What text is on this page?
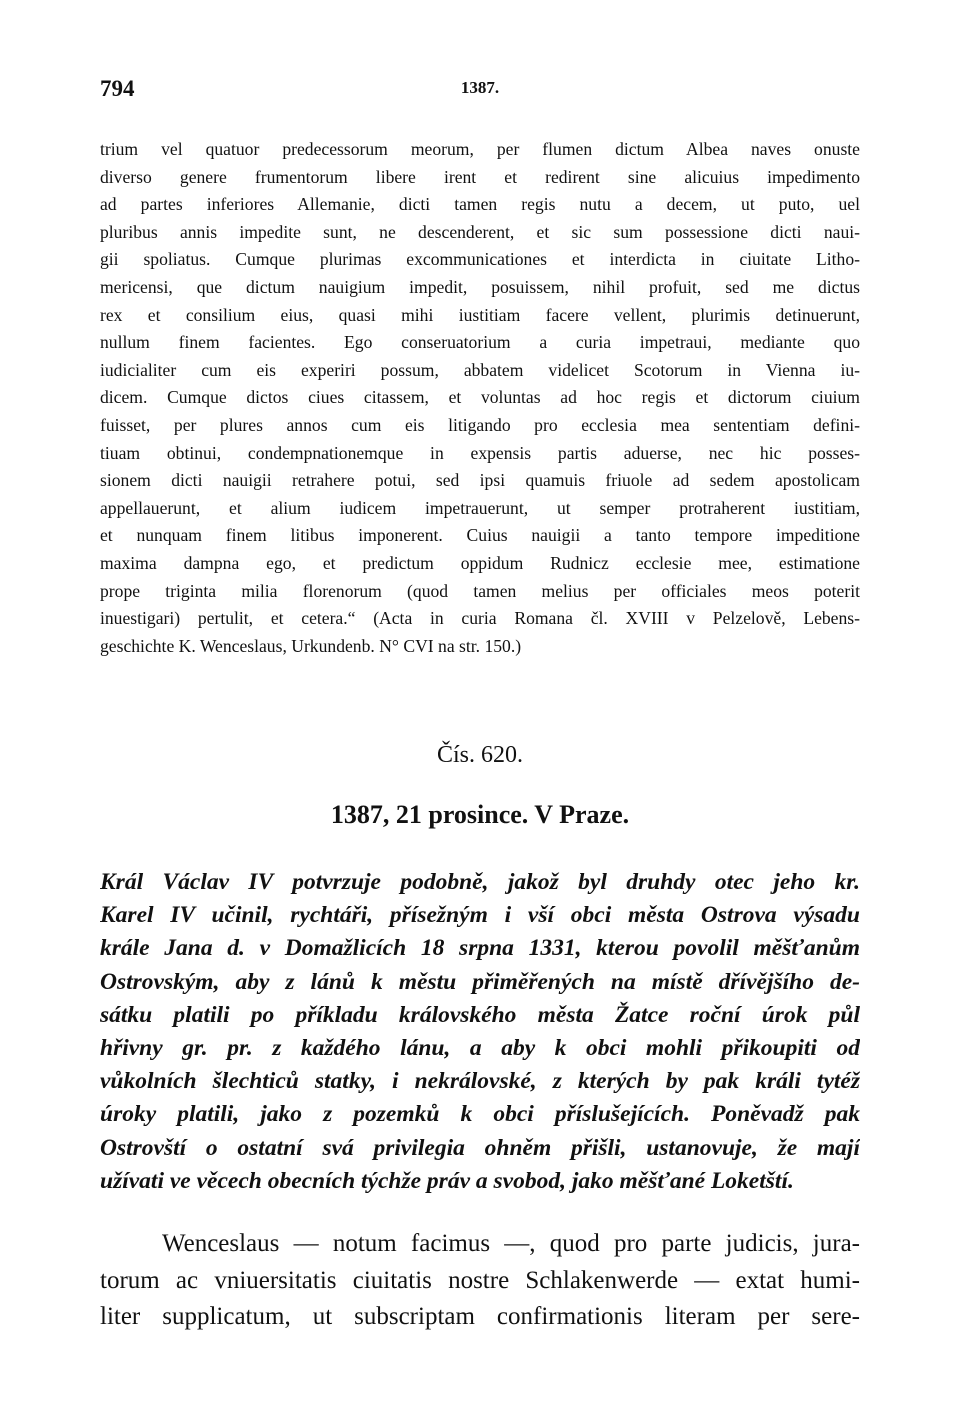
794	1387.
trium vel quatuor predecessorum meorum, per flumen dictum Albea naves onuste
diverso genere frumentorum libere irent et redirent sine alicuius impedimento
ad partes inferiores Allemanie, dicti tamen regis nutu a decem, ut puto, uel
pluribus annis impedite sunt, ne descenderent, et sic sum possessione dicti naui-
gii spoliatus. Cumque plurimas excommunicationes et interdicta in ciuitate Litho-
mericensi, que dictum nauigium impedit, posuissem, nihil profuit, sed me dictus
rex et consilium eius, quasi mihi iustitiam facere vellent, plurimis detinuerunt,
nullum finem facientes. Ego conseruatorium a curia impetraui, mediante quo
iudicialiter cum eis experiri possum, abbatem videlicet Scotorum in Vienna iu-
dicem. Cumque dictos ciues citassem, et voluntas ad hoc regis et dictorum ciuium
fuisset, per plures annos cum eis litigando pro ecclesia mea sententiam defini-
tiuam obtinui, condempnationemque in expensis partis aduerse, nec hic posses-
sionem dicti nauigii retrahere potui, sed ipsi quamuis friuole ad sedem apostolicam
appellauerunt, et alium iudicem impetrauerunt, ut semper protraherent iustitiam,
et nunquam finem litibus imponerent. Cuius nauigii a tanto tempore impeditione
maxima dampna ego, et predictum oppidum Rudnicz ecclesie mee, estimatione
prope triginta milia florenorum (quod tamen melius per officiales meos poterit
inuestigari) pertulit, et cetera.“ (Acta in curia Romana čl. XVIII v Pelzelově, Lebens-
geschichte K. Wenceslaus, Urkundenb. N° CVI na str. 150.)
Čís. 620.
1387, 21 prosince. V Praze.
Král Václav IV potvrzuje podobně, jakož byl druhdy otec jeho kr.
Karel IV učinil, rychtáři, přísežným i vší obci města Ostrova výsadu
krále Jana d. v Domažlicích 18 srpna 1331, kterou povolil měšťanům
Ostrovským, aby z lánů k městu přiměřených na místě dřívějšího de-
sátku platili po příkladu královského města Žatce roční úrok půl
hřivny gr. pr. z každého lánu, a aby k obci mohli přikoupiti od
vůkolních šlechticů statky, i nekrálovské, z kterých by pak králi tytéž
úroky platili, jako z pozemků k obci příslušejících. Poněvadž pak
Ostrovští o ostatní svá privilegia ohněm přišli, ustanovuje, že mají
užívati ve věcech obecních týchže práv a svobod, jako měšťané Loketští.
Wenceslaus — notum facimus —, quod pro parte judicis, jura-
torum ac vniuersitatis ciuitatis nostre Schlakenwerde — extat humi-
liter supplicatum, ut subscriptam confirmationis literam per sere-
